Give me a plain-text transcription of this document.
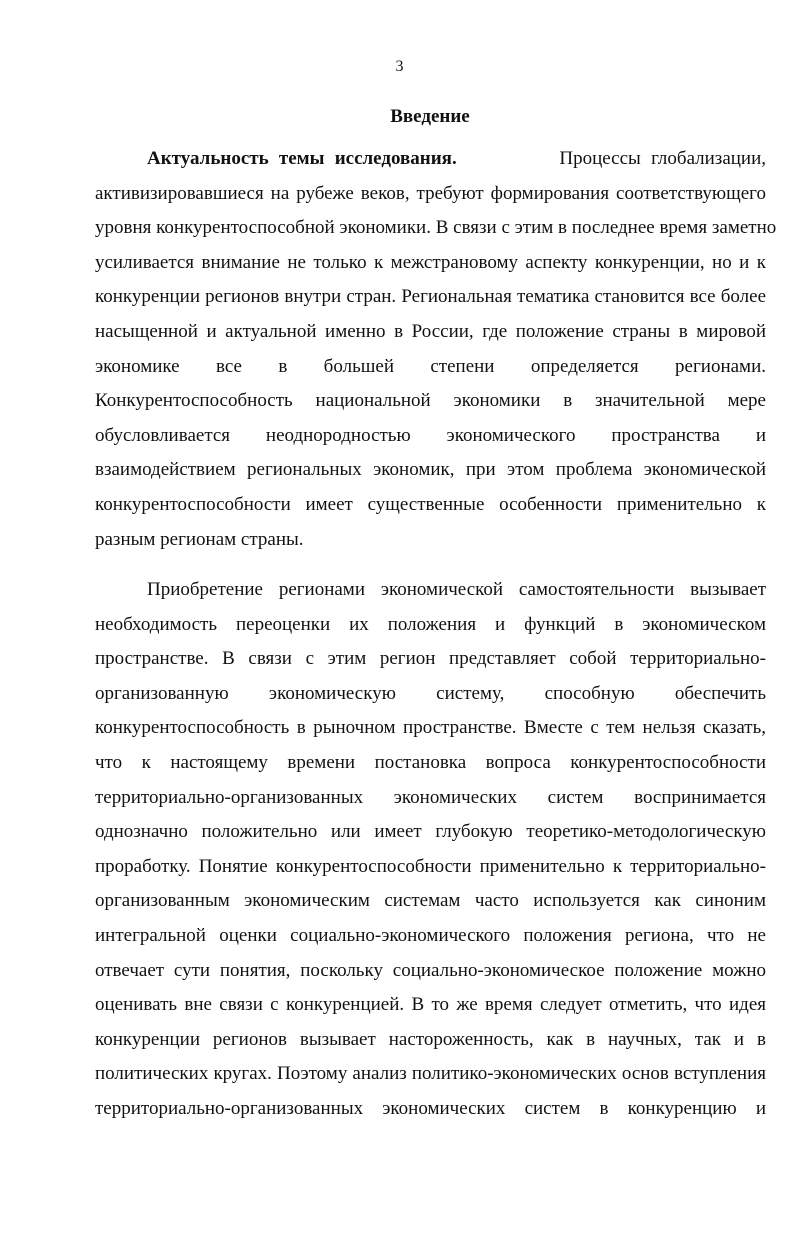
3
Введение
Актуальность темы исследования.	Процессы глобализации,
активизировавшиеся на рубеже веков, требуют формирования соответствующего
уровня конкурентоспособной экономики. В связи с этим в последнее время заметно
усиливается внимание не только к межстрановому аспекту конкуренции, но и к
конкуренции регионов внутри стран. Региональная тематика становится все более
насыщенной и актуальной именно в России, где положение страны в мировой
экономике все в большей степени определяется регионами.
Конкурентоспособность национальной экономики в значительной мере
обусловливается неоднородностью экономического пространства и
взаимодействием региональных экономик, при этом проблема экономической
конкурентоспособности имеет существенные особенности применительно к
разным регионам страны.
Приобретение регионами экономической самостоятельности вызывает
необходимость переоценки их положения и функций в экономическом
пространстве. В связи с этим регион представляет собой территориально-
организованную экономическую систему, способную обеспечить
конкурентоспособность в рыночном пространстве. Вместе с тем нельзя сказать,
что к настоящему времени постановка вопроса конкурентоспособности
территориально-организованных экономических систем воспринимается
однозначно положительно или имеет глубокую теоретико-методологическую
проработку. Понятие конкурентоспособности применительно к территориально-
организованным экономическим системам часто используется как синоним
интегральной оценки социально-экономического положения региона, что не
отвечает сути понятия, поскольку социально-экономическое положение можно
оценивать вне связи с конкуренцией. В то же время следует отметить, что идея
конкуренции регионов вызывает настороженность, как в научных, так и в
политических кругах. Поэтому анализ политико-экономических основ вступления
территориально-организованных экономических систем в конкуренцию и
